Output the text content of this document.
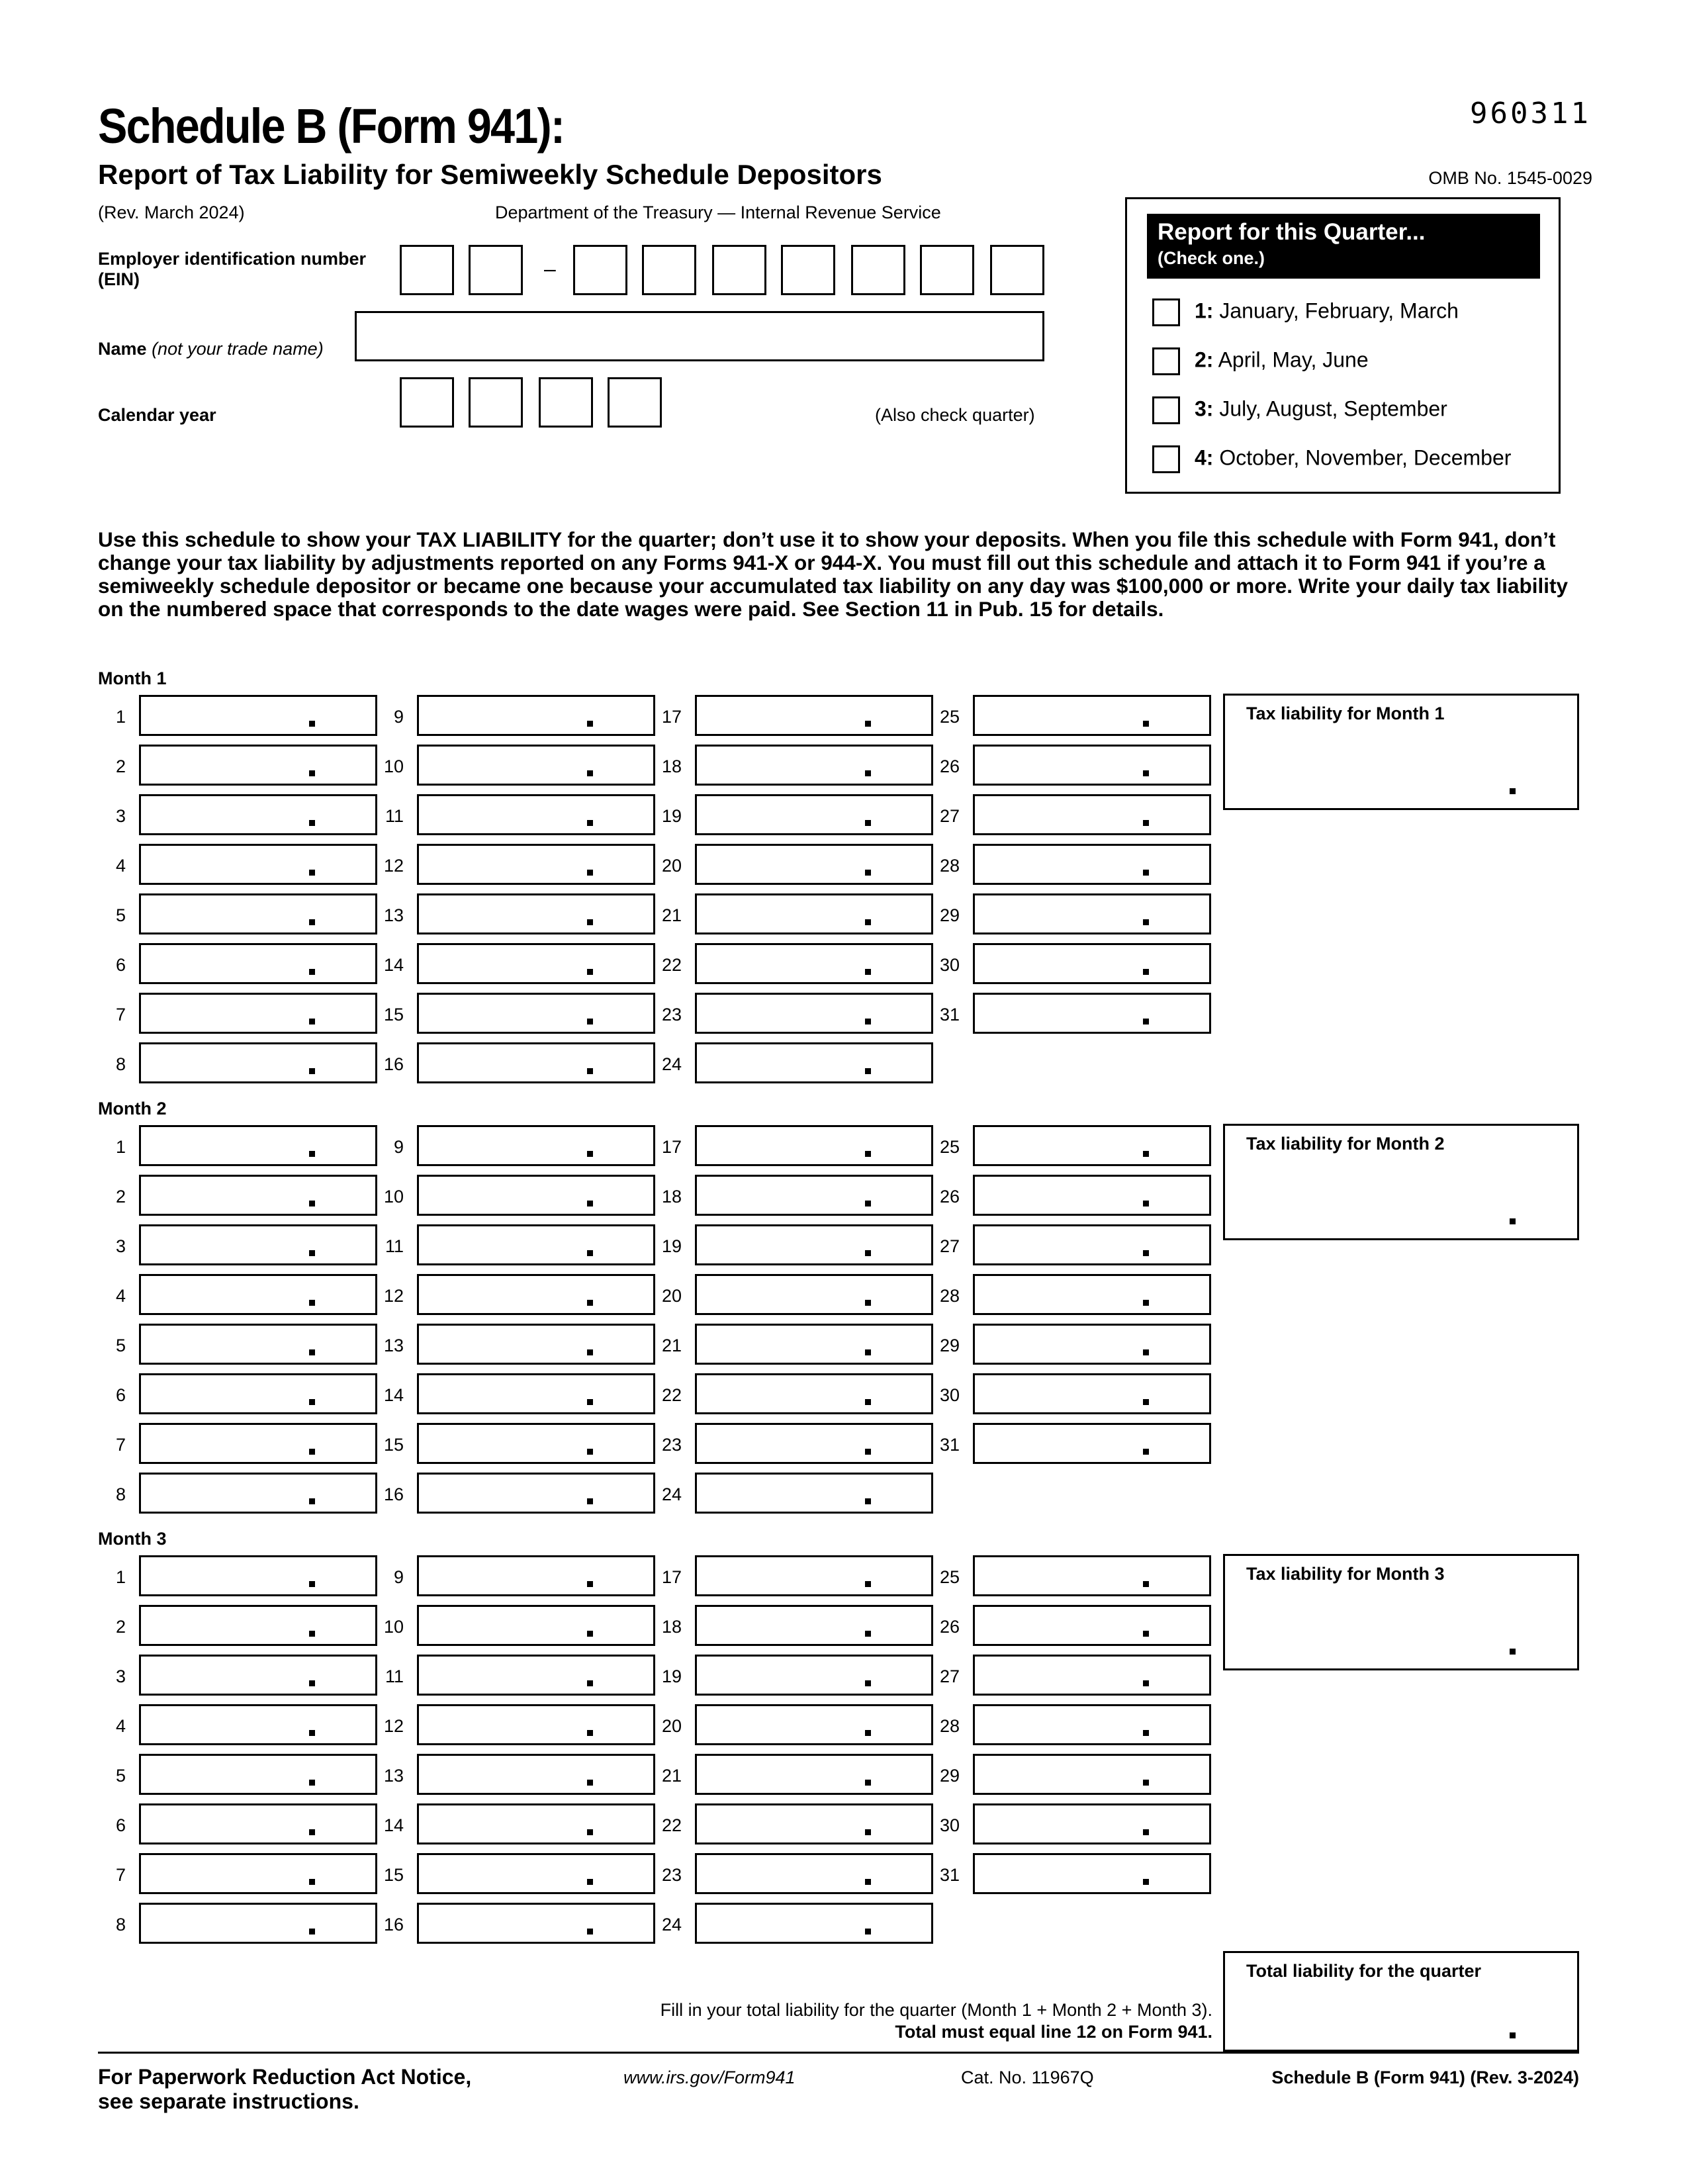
Schedule B (Form 941):	960311
Report of Tax Liability for Semiweekly Schedule Depositors	OMB No. 1545-0029
(Rev. March 2024)	Department of the Treasury — Internal Revenue Service
Employer identification number
(EIN)	–
Name (not your trade name)
Calendar year	(Also check quarter)
Report for this Quarter...
(Check one.)
1: January, February, March
2: April, May, June
3: July, August, September
4: October, November, December
Use this schedule to show your TAX LIABILITY for the quarter; don’t use it to show your deposits. When you file this schedule with Form 941, don’t change your tax liability by adjustments reported on any Forms 941-X or 944-X. You must fill out this schedule and attach it to Form 941 if you’re a semiweekly schedule depositor or became one because your accumulated tax liability on any day was $100,000 or more. Write your daily tax liability on the numbered space that corresponds to the date wages were paid. See Section 11 in Pub. 15 for details.
Month 1
1
2
3
4
5
6
7
8
9
10
11
12
13
14
15
16
17
18
19
20
21
22
23
24
25
26
27
28
29
30
31
Tax liability for Month 1
Month 2
1
2
3
4
5
6
7
8
9
10
11
12
13
14
15
16
17
18
19
20
21
22
23
24
25
26
27
28
29
30
31
Tax liability for Month 2
Month 3
1
2
3
4
5
6
7
8
9
10
11
12
13
14
15
16
17
18
19
20
21
22
23
24
25
26
27
28
29
30
31
Tax liability for Month 3
Total liability for the quarter
Fill in your total liability for the quarter (Month 1 + Month 2 + Month 3).
Total must equal line 12 on Form 941.
For Paperwork Reduction Act Notice,
see separate instructions.
www.irs.gov/Form941	Cat. No. 11967Q	Schedule B (Form 941) (Rev. 3-2024)
